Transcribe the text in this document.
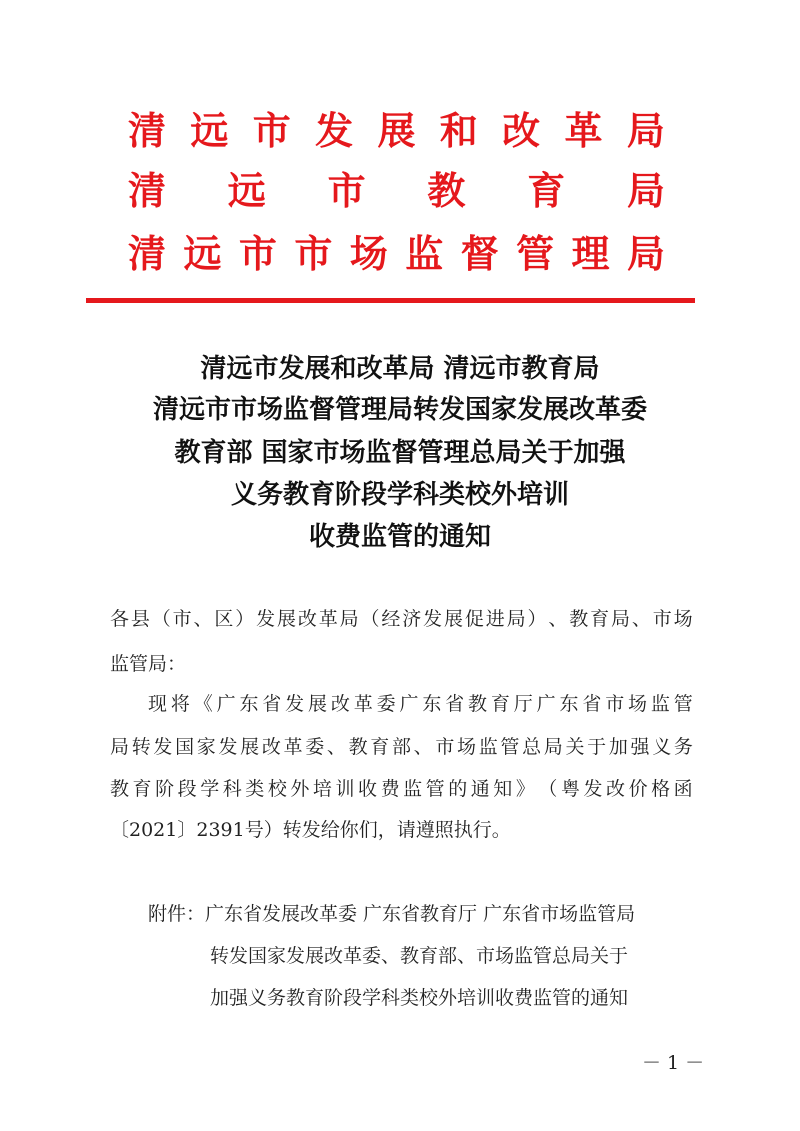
清 远 市 发 展 和 改 革 局
清 远 市 教 育 局
清 远 市 市 场 监 督 管 理 局
清远市发展和改革局 清远市教育局
清远市市场监督管理局转发国家发展改革委
教育部 国家市场监督管理总局关于加强
义务教育阶段学科类校外培训
收费监管的通知
各 县 （ 市 、 区 ） 发 展 改 革 局 （ 经 济 发 展 促 进 局 ） 、 教 育 局 、 市 场
监管局：
现 将 《 广 东 省 发 展 改 革 委 广 东 省 教 育 厅 广 东 省 市 场 监 管
局 转 发 国 家 发 展 改 革 委 、 教 育 部 、 市 场 监 管 总 局 关 于 加 强 义 务
教 育 阶 段 学 科 类 校 外 培 训 收 费 监 管 的 通 知 》 （ 粤 发 改 价 格 函
〔2021〕2391号）转发给你们，请遵照执行。
附件：广东省发展改革委 广东省教育厅 广东省市场监管局
转发国家发展改革委、教育部、市场监管总局关于
加强义务教育阶段学科类校外培训收费监管的通知
－ 1 －
